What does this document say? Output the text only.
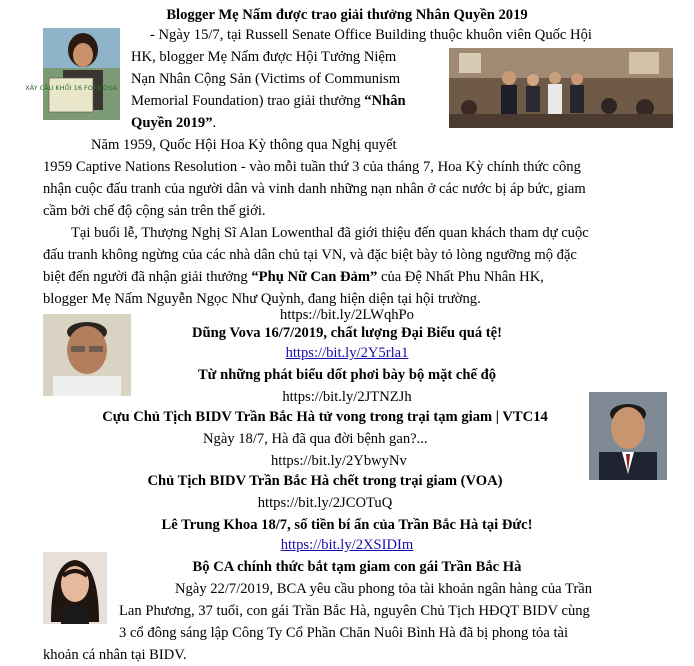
Blogger Mẹ Nấm được trao giải thưởng Nhân Quyền 2019
XÂY CẦU KHỐI 16 FORMOSA
- Ngày 15/7, tại Russell Senate Office Building thuộc khuôn viên Quốc Hội
HK, blogger Mẹ Nấm được Hội Tưởng Niệm
Nạn Nhân Cộng Sản (Victims of Communism
Memorial Foundation) trao giải thưởng “Nhân
Quyền 2019”.
Năm 1959, Quốc Hội Hoa Kỳ thông qua Nghị quyết
1959 Captive Nations Resolution - vào mỗi tuần thứ 3 của tháng 7, Hoa Kỳ chính thức công
nhận cuộc đấu tranh của người dân và vinh danh những nạn nhân ở các nước bị áp bức, giam
cầm bởi chế độ cộng sản trên thế giới.
Tại buổi lễ, Thượng Nghị Sĩ Alan Lowenthal đã giới thiệu đến quan khách tham dự cuộc
đấu tranh không ngừng của các nhà dân chủ tại VN, và đặc biệt bày tỏ lòng ngưỡng mộ đặc
biệt đến người đã nhận giải thưởng “Phụ Nữ Can Đảm” của Đệ Nhất Phu Nhân HK,
blogger Mẹ Nấm Nguyễn Ngọc Như Quỳnh, đang hiện diện tại hội trường.
https://bit.ly/2LWqhPo
Dũng Vova 16/7/2019, chất lượng Đại Biểu quá tệ!
https://bit.ly/2Y5rla1
Từ những phát biểu dốt phơi bày bộ mặt chế độ
https://bit.ly/2JTNZJh
Cựu Chủ Tịch BIDV Trần Bắc Hà tử vong trong trại tạm giam | VTC14
Ngày 18/7, Hà đã qua đời bệnh gan?...
https://bit.ly/2YbwyNv
Chủ Tịch BIDV Trần Bắc Hà chết trong trại giam (VOA)
https://bit.ly/2JCOTuQ
Lê Trung Khoa 18/7, số tiền bí ẩn của Trần Bắc Hà tại Đức!
https://bit.ly/2XSIDIm
Bộ CA chính thức bắt tạm giam con gái Trần Bắc Hà
Ngày 22/7/2019, BCA yêu cầu phong tỏa tài khoản ngân hàng của Trần
Lan Phương, 37 tuổi, con gái Trần Bắc Hà, nguyên Chủ Tịch HĐQT BIDV cùng
3 cổ đông sáng lập Công Ty Cổ Phần Chăn Nuôi Bình Hà đã bị phong tỏa tài
khoản cá nhân tại BIDV.
